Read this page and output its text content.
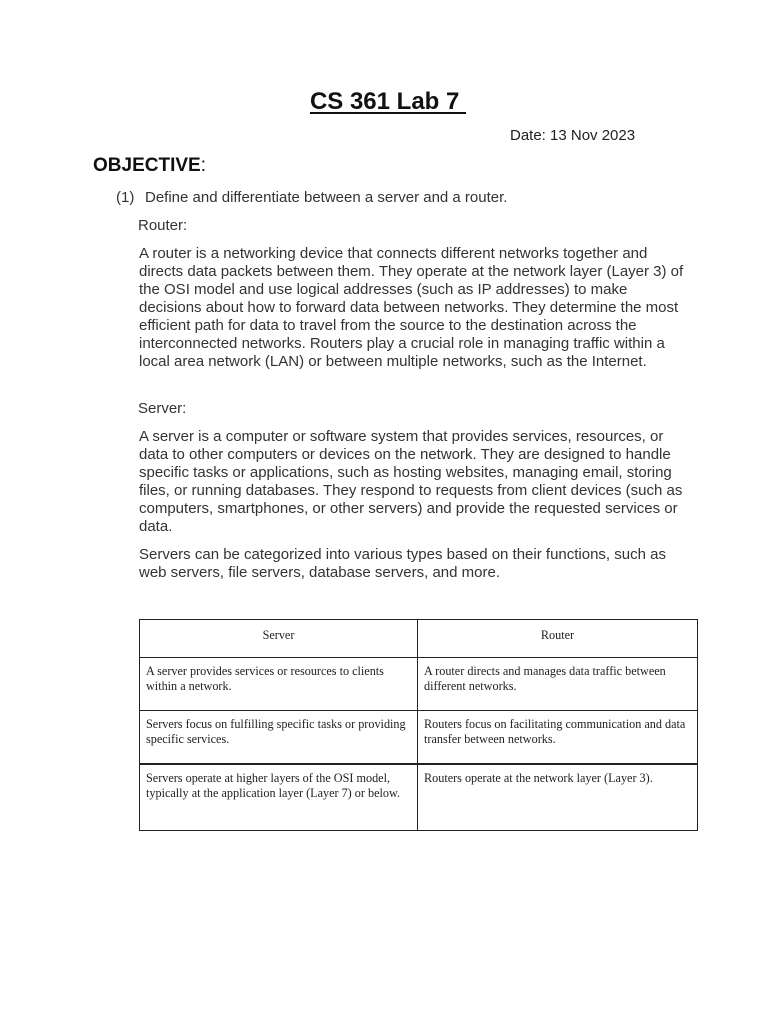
CS 361 Lab 7
Date: 13 Nov 2023
OBJECTIVE:
(1) Define and differentiate between a server and a router.
Router:

A router is a networking device that connects different networks together and directs data packets between them. They operate at the network layer (Layer 3) of the OSI model and use logical addresses (such as IP addresses) to make decisions about how to forward data between networks. They determine the most efficient path for data to travel from the source to the destination across the interconnected networks. Routers play a crucial role in managing traffic within a local area network (LAN) or between multiple networks, such as the Internet.

Server:

A server is a computer or software system that provides services, resources, or data to other computers or devices on the network. They are designed to handle specific tasks or applications, such as hosting websites, managing email, storing files, or running databases. They respond to requests from client devices (such as computers, smartphones, or other servers) and provide the requested services or data.

Servers can be categorized into various types based on their functions, such as web servers, file servers, database servers, and more.

Server	Router
A server provides services or resources to clients within a network.	A router directs and manages data traffic between different networks.
Servers focus on fulfilling specific tasks or providing specific services.	Routers focus on facilitating communication and data transfer between networks.
Servers operate at higher layers of the OSI model, typically at the application layer (Layer 7) or below.	Routers operate at the network layer (Layer 3).
